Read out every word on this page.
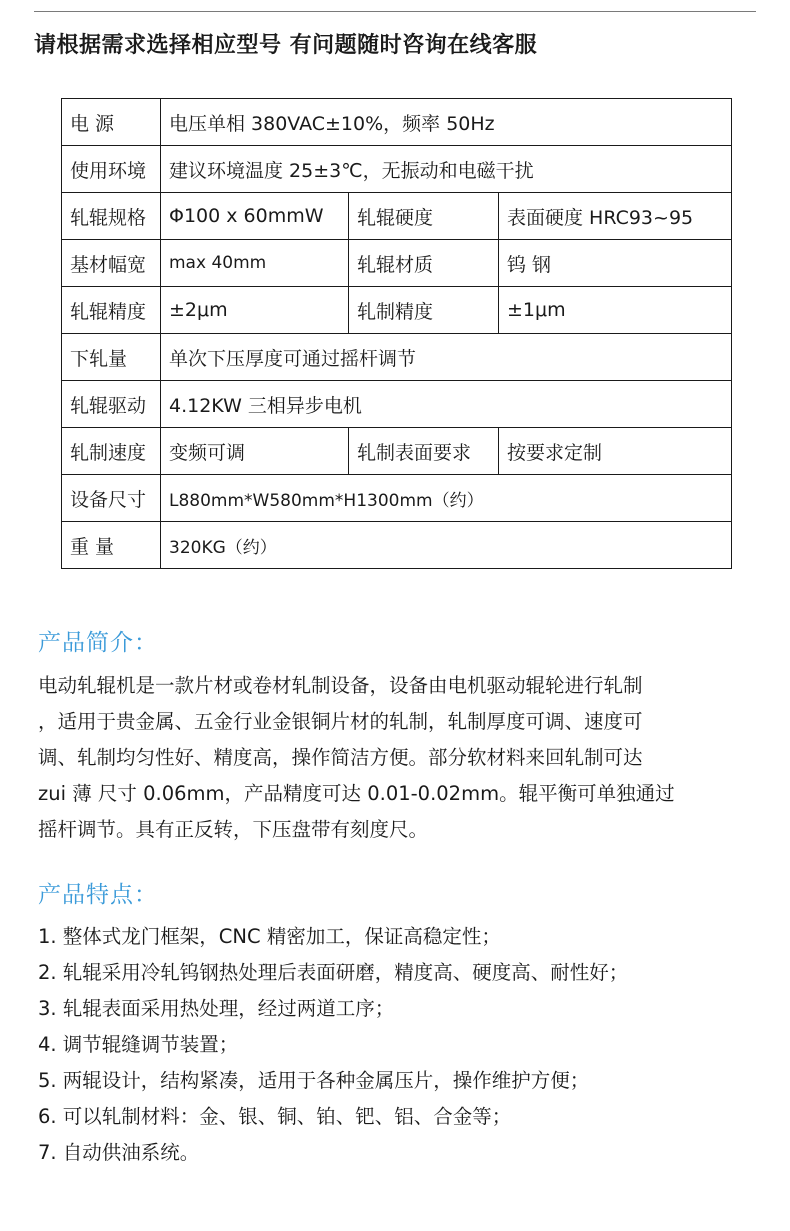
请根据需求选择相应型号 有问题随时咨询在线客服
电 源	电压单相 380VAC±10%，频率 50Hz		
使用环境	建议环境温度 25±3℃，无振动和电磁干扰		
轧辊规格	Φ100 x 60mmW	轧辊硬度	表面硬度 HRC93~95
基材幅宽	max 40mm	轧辊材质	钨 钢
轧辊精度	±2μm	轧制精度	±1μm
下轧量	单次下压厚度可通过摇杆调节		
轧辊驱动	4.12KW 三相异步电机		
轧制速度	变频可调	轧制表面要求	按要求定制
设备尺寸	L880mm*W580mm*H1300mm（约）		
重 量	320KG（约）		
产品简介：
电动轧辊机是一款片材或卷材轧制设备，设备由电机驱动辊轮进行轧制
，适用于贵金属、五金行业金银铜片材的轧制，轧制厚度可调、速度可
调、轧制均匀性好、精度高，操作简洁方便。部分软材料来回轧制可达
zui 薄 尺寸 0.06mm，产品精度可达 0.01-0.02mm。辊平衡可单独通过
摇杆调节。具有正反转，下压盘带有刻度尺。
产品特点：
1. 整体式龙门框架，CNC 精密加工，保证高稳定性；
2. 轧辊采用冷轧钨钢热处理后表面研磨，精度高、硬度高、耐性好；
3. 轧辊表面采用热处理，经过两道工序；
4. 调节辊缝调节装置；
5. 两辊设计，结构紧凑，适用于各种金属压片，操作维护方便；
6. 可以轧制材料：金、银、铜、铂、钯、铝、合金等；
7. 自动供油系统。
